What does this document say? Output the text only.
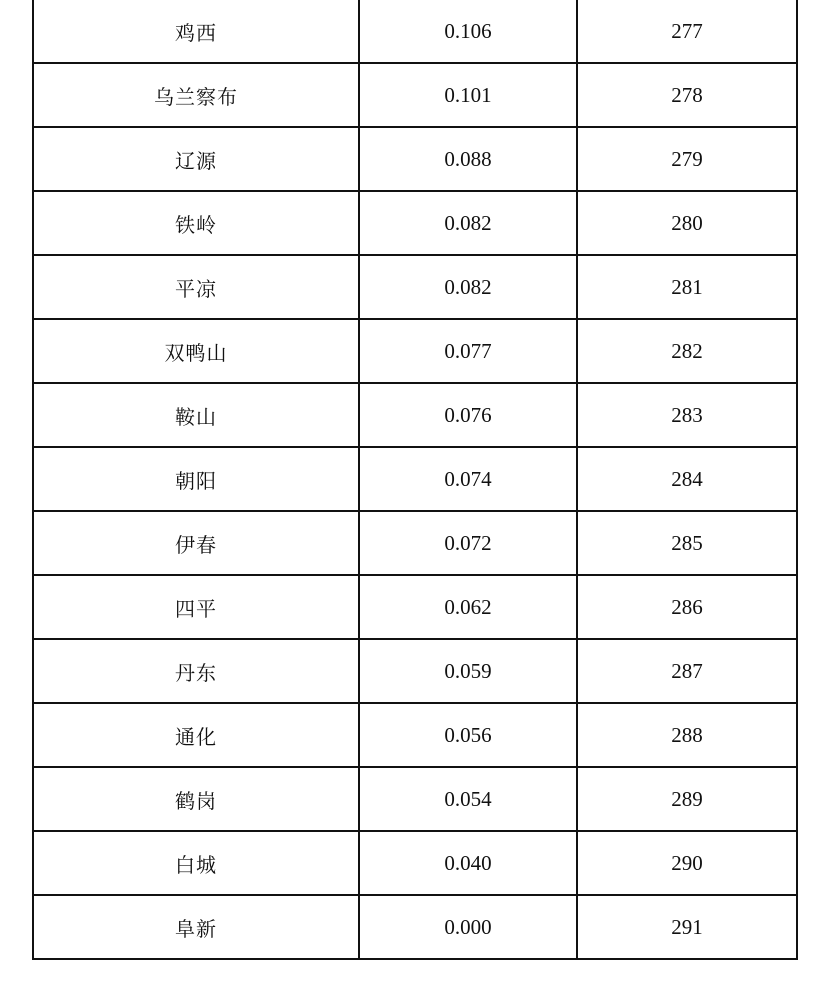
鸡西	0.106	277
乌兰察布	0.101	278
辽源	0.088	279
铁岭	0.082	280
平凉	0.082	281
双鸭山	0.077	282
鞍山	0.076	283
朝阳	0.074	284
伊春	0.072	285
四平	0.062	286
丹东	0.059	287
通化	0.056	288
鹤岗	0.054	289
白城	0.040	290
阜新	0.000	291
